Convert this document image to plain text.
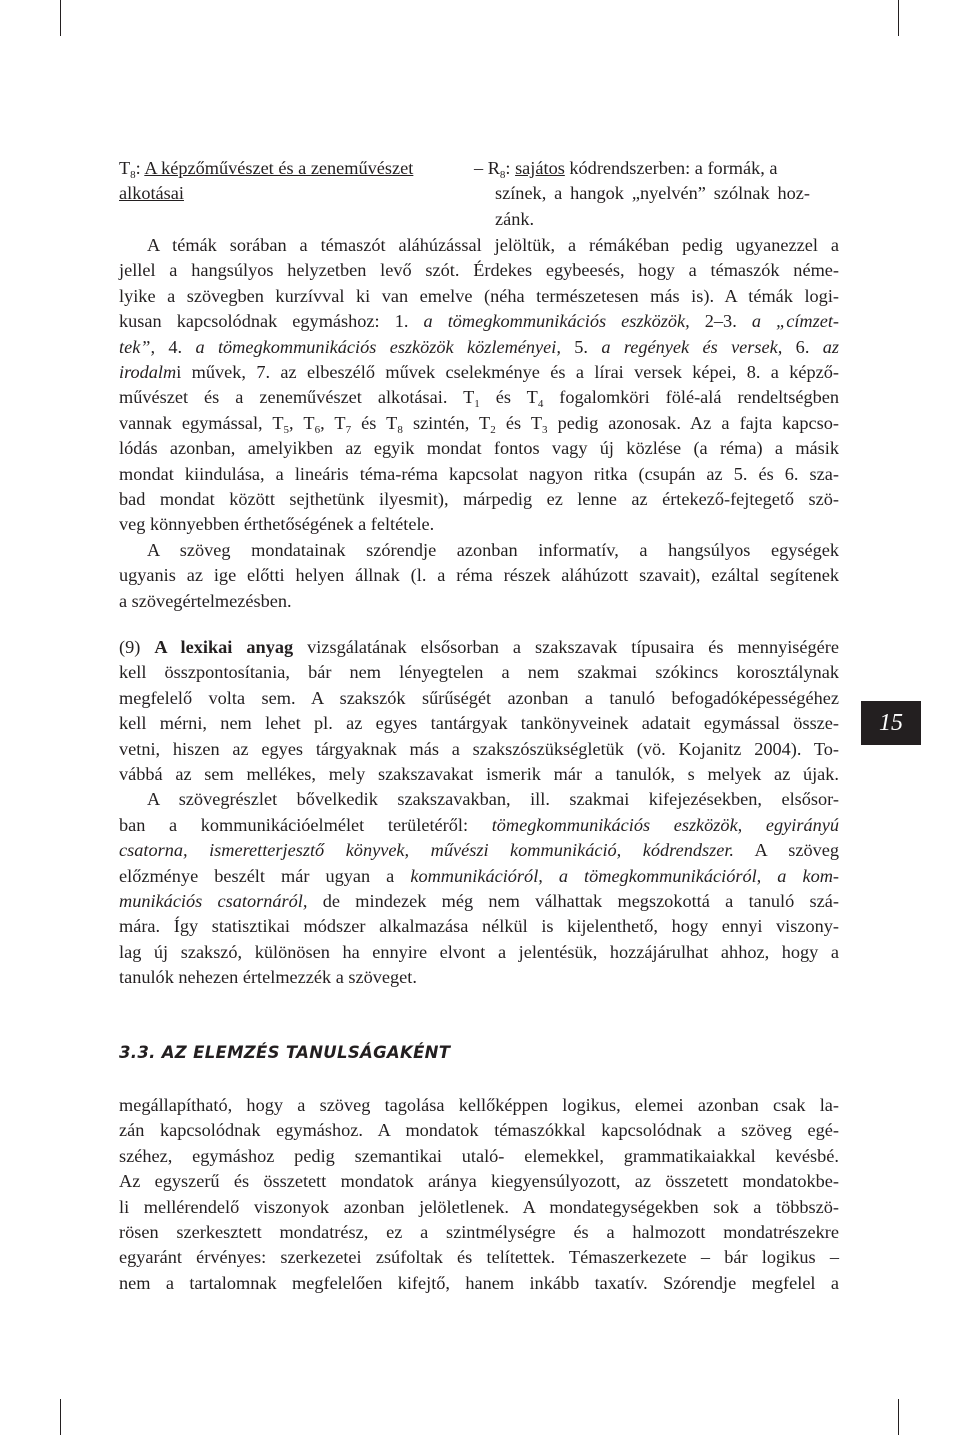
$T_8$: A képzőművészet és a zeneművészet
alkotásai
– $R_8$: sajátos kódrendszerben: a formák, a
színek, a hangok „nyelvén” szólnak hoz-
zánk.
A témák sorában a témaszót aláhúzással jelöltük, a rémákéban pedig ugyanezzel a
jellel a hangsúlyos helyzetben levő szót. Érdekes egybeesés, hogy a témaszók néme-
lyike a szövegben kurzívval ki van emelve (néha természetesen más is). A témák logi-
kusan kapcsolódnak egymáshoz: 1. a tömegkommunikációs eszközök, 2–3. a „címzet-
tek”, 4. a tömegkommunikációs eszközök közleményei, 5. a regények és versek, 6. az
irodalmi művek, 7. az elbeszélő művek cselekménye és a lírai versek képei, 8. a képző-
művészet és a zeneművészet alkotásai. $T_1$ és $T_4$ fogalomköri fölé-alá rendeltségben
vannak egymással, $T_5$, $T_6$, $T_7$ és $T_8$ szintén, $T_2$ és $T_3$ pedig azonosak. Az a fajta kapcso-
lódás azonban, amelyikben az egyik mondat fontos vagy új közlése (a réma) a másik
mondat kiindulása, a lineáris téma-réma kapcsolat nagyon ritka (csupán az 5. és 6. sza-
bad mondat között sejthetünk ilyesmit), márpedig ez lenne az értekező-fejtegető szö-
veg könnyebben érthetőségének a feltétele.
A szöveg mondatainak szórendje azonban informatív, a hangsúlyos egységek
ugyanis az ige előtti helyen állnak (l. a réma részek aláhúzott szavait), ezáltal segítenek
a szövegértelmezésben.
(9) A lexikai anyag vizsgálatának elsősorban a szakszavak típusaira és mennyiségére
kell összpontosítania, bár nem lényegtelen a nem szakmai szókincs korosztálynak
megfelelő volta sem. A szakszók sűrűségét azonban a tanuló befogadóképességéhez
kell mérni, nem lehet pl. az egyes tantárgyak tankönyveinek adatait egymással össze-
vetni, hiszen az egyes tárgyaknak más a szakszószükségletük (vö. Kojanitz 2004). To-
vábbá az sem mellékes, mely szakszavakat ismerik már a tanulók, s melyek az újak.
A szövegrészlet bővelkedik szakszavakban, ill. szakmai kifejezésekben, elsősor-
ban a kommunikációelmélet területéről: tömegkommunikációs eszközök, egyirányú
csatorna, ismeretterjesztő könyvek, művészi kommunikáció, kódrendszer. A szöveg
előzménye beszélt már ugyan a kommunikációról, a tömegkommunikációról, a kom-
munikációs csatornáról, de mindezek még nem válhattak megszokottá a tanuló szá-
mára. Így statisztikai módszer alkalmazása nélkül is kijelenthető, hogy ennyi viszony-
lag új szakszó, különösen ha ennyire elvont a jelentésük, hozzájárulhat ahhoz, hogy a
tanulók nehezen értelmezzék a szöveget.
3.3. AZ ELEMZÉS TANULSÁGAKÉNT
megállapítható, hogy a szöveg tagolása kellőképpen logikus, elemei azonban csak la-
zán kapcsolódnak egymáshoz. A mondatok témaszókkal kapcsolódnak a szöveg egé-
széhez, egymáshoz pedig szemantikai utaló- elemekkel, grammatikaiakkal kevésbé.
Az egyszerű és összetett mondatok aránya kiegyensúlyozott, az összetett mondatokbe-
li mellérendelő viszonyok azonban jelöletlenek. A mondategységekben sok a többszö-
rösen szerkesztett mondatrész, ez a szintmélységre és a halmozott mondatrészekre
egyaránt érvényes: szerkezetei zsúfoltak és telítettek. Témaszerkezete – bár logikus –
nem a tartalomnak megfelelően kifejtő, hanem inkább taxatív. Szórendje megfelel a
15
